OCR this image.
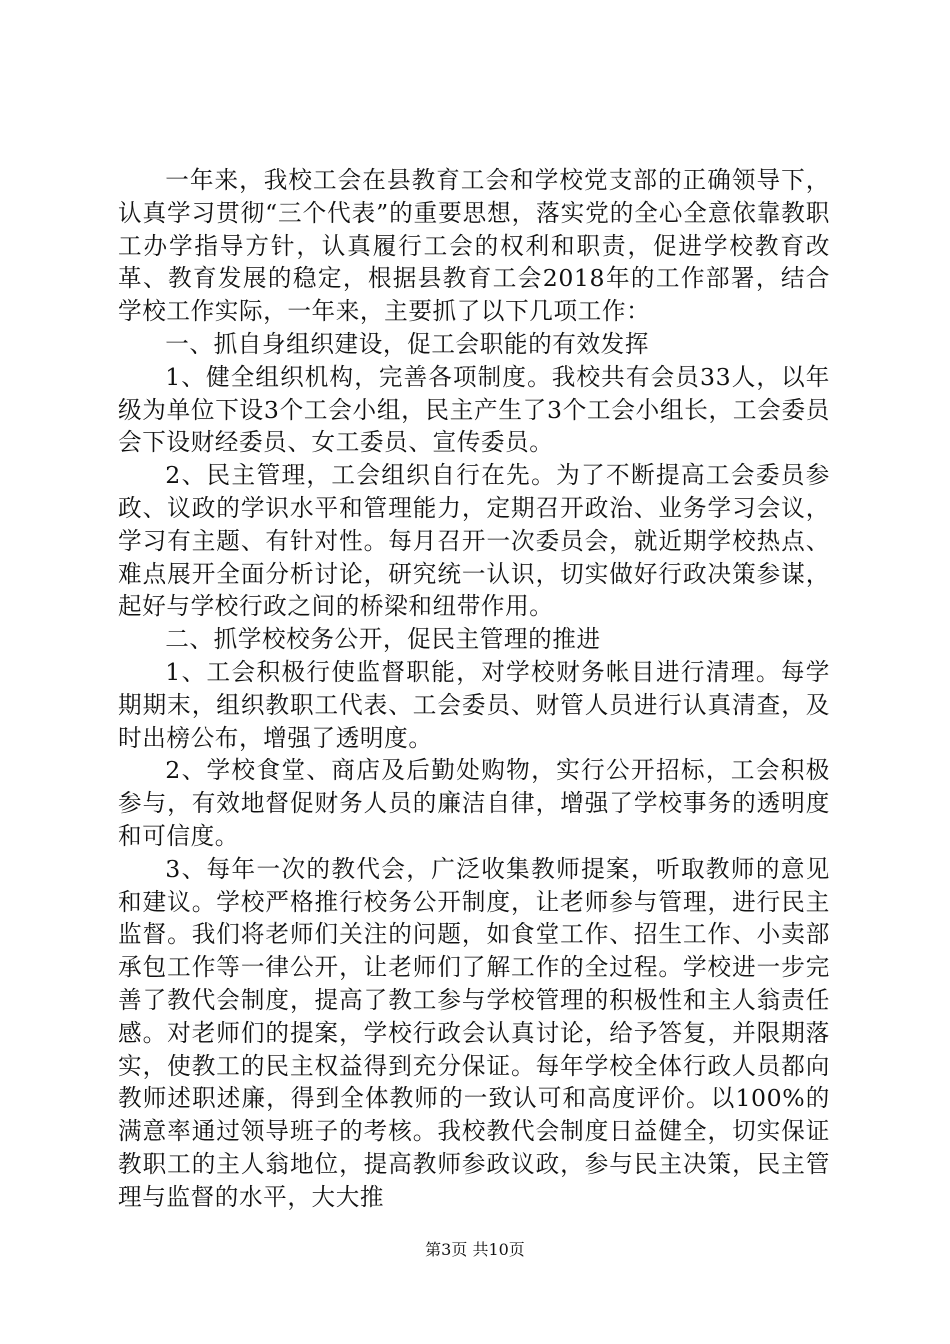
一年来，我校工会在县教育工会和学校党支部的正确领导下，认真学习贯彻“三个代表”的重要思想，落实党的全心全意依靠教职工办学指导方针，认真履行工会的权利和职责，促进学校教育改革、教育发展的稳定，根据县教育工会2018年的工作部署，结合学校工作实际，一年来，主要抓了以下几项工作：

一、抓自身组织建设，促工会职能的有效发挥

1、健全组织机构，完善各项制度。我校共有会员33人，以年级为单位下设3个工会小组，民主产生了3个工会小组长，工会委员会下设财经委员、女工委员、宣传委员。

2、民主管理，工会组织自行在先。为了不断提高工会委员参政、议政的学识水平和管理能力，定期召开政治、业务学习会议，学习有主题、有针对性。每月召开一次委员会，就近期学校热点、难点展开全面分析讨论，研究统一认识，切实做好行政决策参谋，起好与学校行政之间的桥梁和纽带作用。

二、抓学校校务公开，促民主管理的推进

1、工会积极行使监督职能，对学校财务帐目进行清理。每学期期末，组织教职工代表、工会委员、财管人员进行认真清查，及时出榜公布，增强了透明度。

2、学校食堂、商店及后勤处购物，实行公开招标，工会积极参与，有效地督促财务人员的廉洁自律，增强了学校事务的透明度和可信度。

3、每年一次的教代会，广泛收集教师提案，听取教师的意见和建议。学校严格推行校务公开制度，让老师参与管理，进行民主监督。我们将老师们关注的问题，如食堂工作、招生工作、小卖部承包工作等一律公开，让老师们了解工作的全过程。学校进一步完善了教代会制度，提高了教工参与学校管理的积极性和主人翁责任感。对老师们的提案，学校行政会认真讨论，给予答复，并限期落实，使教工的民主权益得到充分保证。每年学校全体行政人员都向教师述职述廉，得到全体教师的一致认可和高度评价。以100%的满意率通过领导班子的考核。我校教代会制度日益健全，切实保证教职工的主人翁地位，提高教师参政议政，参与民主决策，民主管理与监督的水平，大大推

第3页 共10页
